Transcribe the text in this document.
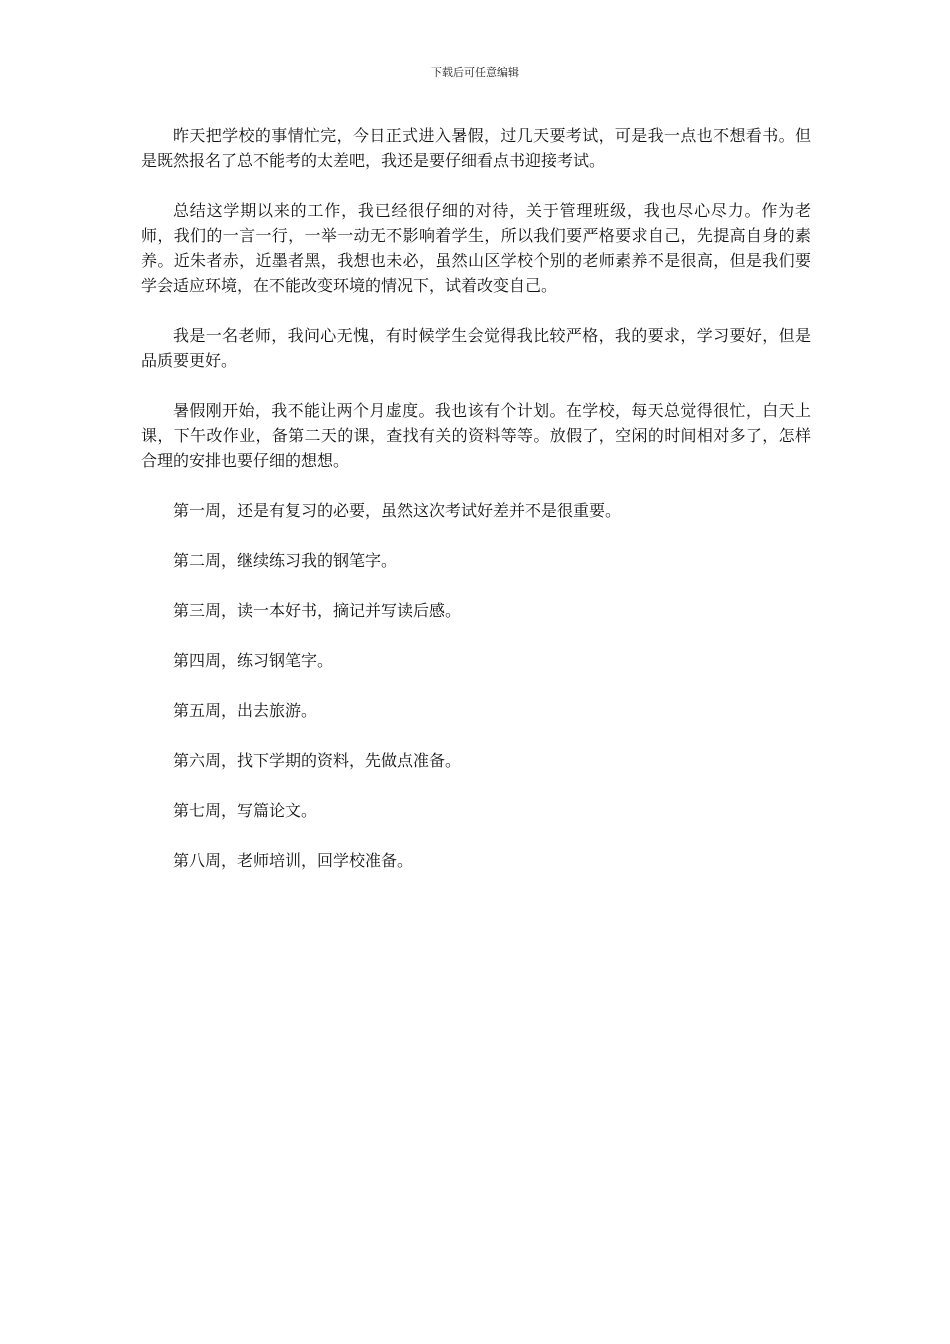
下载后可任意编辑

昨天把学校的事情忙完，今日正式进入暑假，过几天要考试，可是我一点也不想看书。但是既然报名了总不能考的太差吧，我还是要仔细看点书迎接考试。

总结这学期以来的工作，我已经很仔细的对待，关于管理班级，我也尽心尽力。作为老师，我们的一言一行，一举一动无不影响着学生，所以我们要严格要求自己，先提高自身的素养。近朱者赤，近墨者黑，我想也未必，虽然山区学校个别的老师素养不是很高，但是我们要学会适应环境，在不能改变环境的情况下，试着改变自己。

我是一名老师，我问心无愧，有时候学生会觉得我比较严格，我的要求，学习要好，但是品质要更好。

暑假刚开始，我不能让两个月虚度。我也该有个计划。在学校，每天总觉得很忙，白天上课，下午改作业，备第二天的课，查找有关的资料等等。放假了，空闲的时间相对多了，怎样合理的安排也要仔细的想想。

第一周，还是有复习的必要，虽然这次考试好差并不是很重要。

第二周，继续练习我的钢笔字。

第三周，读一本好书，摘记并写读后感。

第四周，练习钢笔字。

第五周，出去旅游。

第六周，找下学期的资料，先做点准备。

第七周，写篇论文。

第八周，老师培训，回学校准备。
